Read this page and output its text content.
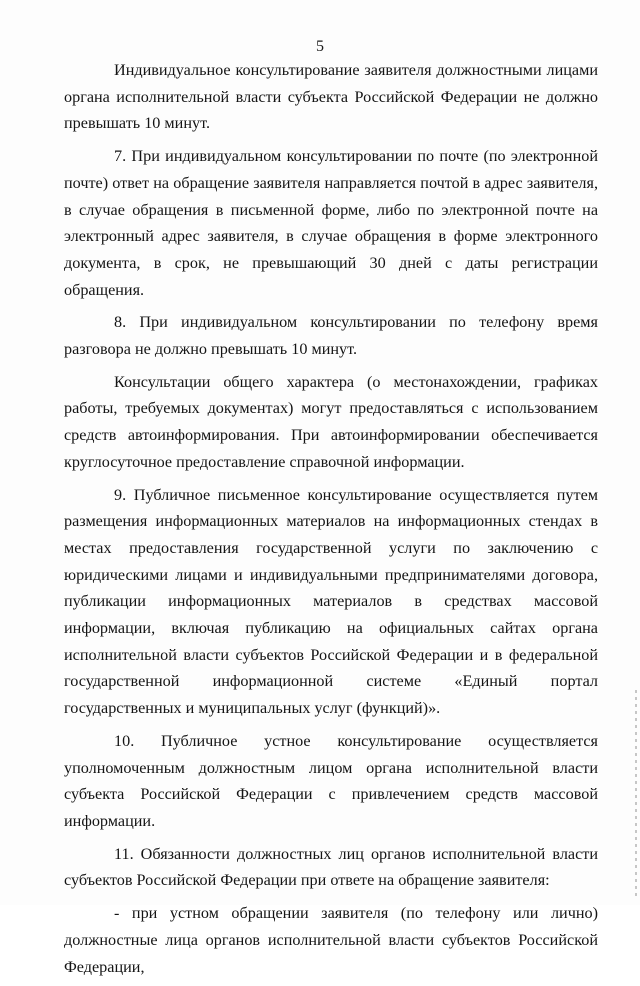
5

Индивидуальное консультирование заявителя должностными лицами органа исполнительной власти субъекта Российской Федерации не должно превышать 10 минут.

7. При индивидуальном консультировании по почте (по электронной почте) ответ на обращение заявителя направляется почтой в адрес заявителя, в случае обращения в письменной форме, либо по электронной почте на электронный адрес заявителя, в случае обращения в форме электронного документа, в срок, не превышающий 30 дней с даты регистрации обращения.

8. При индивидуальном консультировании по телефону время разговора не должно превышать 10 минут.

Консультации общего характера (о местонахождении, графиках работы, требуемых документах) могут предоставляться с использованием средств автоинформирования. При автоинформировании обеспечивается круглосуточное предоставление справочной информации.

9. Публичное письменное консультирование осуществляется путем размещения информационных материалов на информационных стендах в местах предоставления государственной услуги по заключению с юридическими лицами и индивидуальными предпринимателями договора, публикации информационных материалов в средствах массовой информации, включая публикацию на официальных сайтах органа исполнительной власти субъектов Российской Федерации и в федеральной государственной информационной системе «Единый портал государственных и муниципальных услуг (функций)».

10. Публичное устное консультирование осуществляется уполномоченным должностным лицом органа исполнительной власти субъекта Российской Федерации с привлечением средств массовой информации.

11. Обязанности должностных лиц органов исполнительной власти субъектов Российской Федерации при ответе на обращение заявителя:

- при устном обращении заявителя (по телефону или лично) должностные лица органов исполнительной власти субъектов Российской Федерации,
